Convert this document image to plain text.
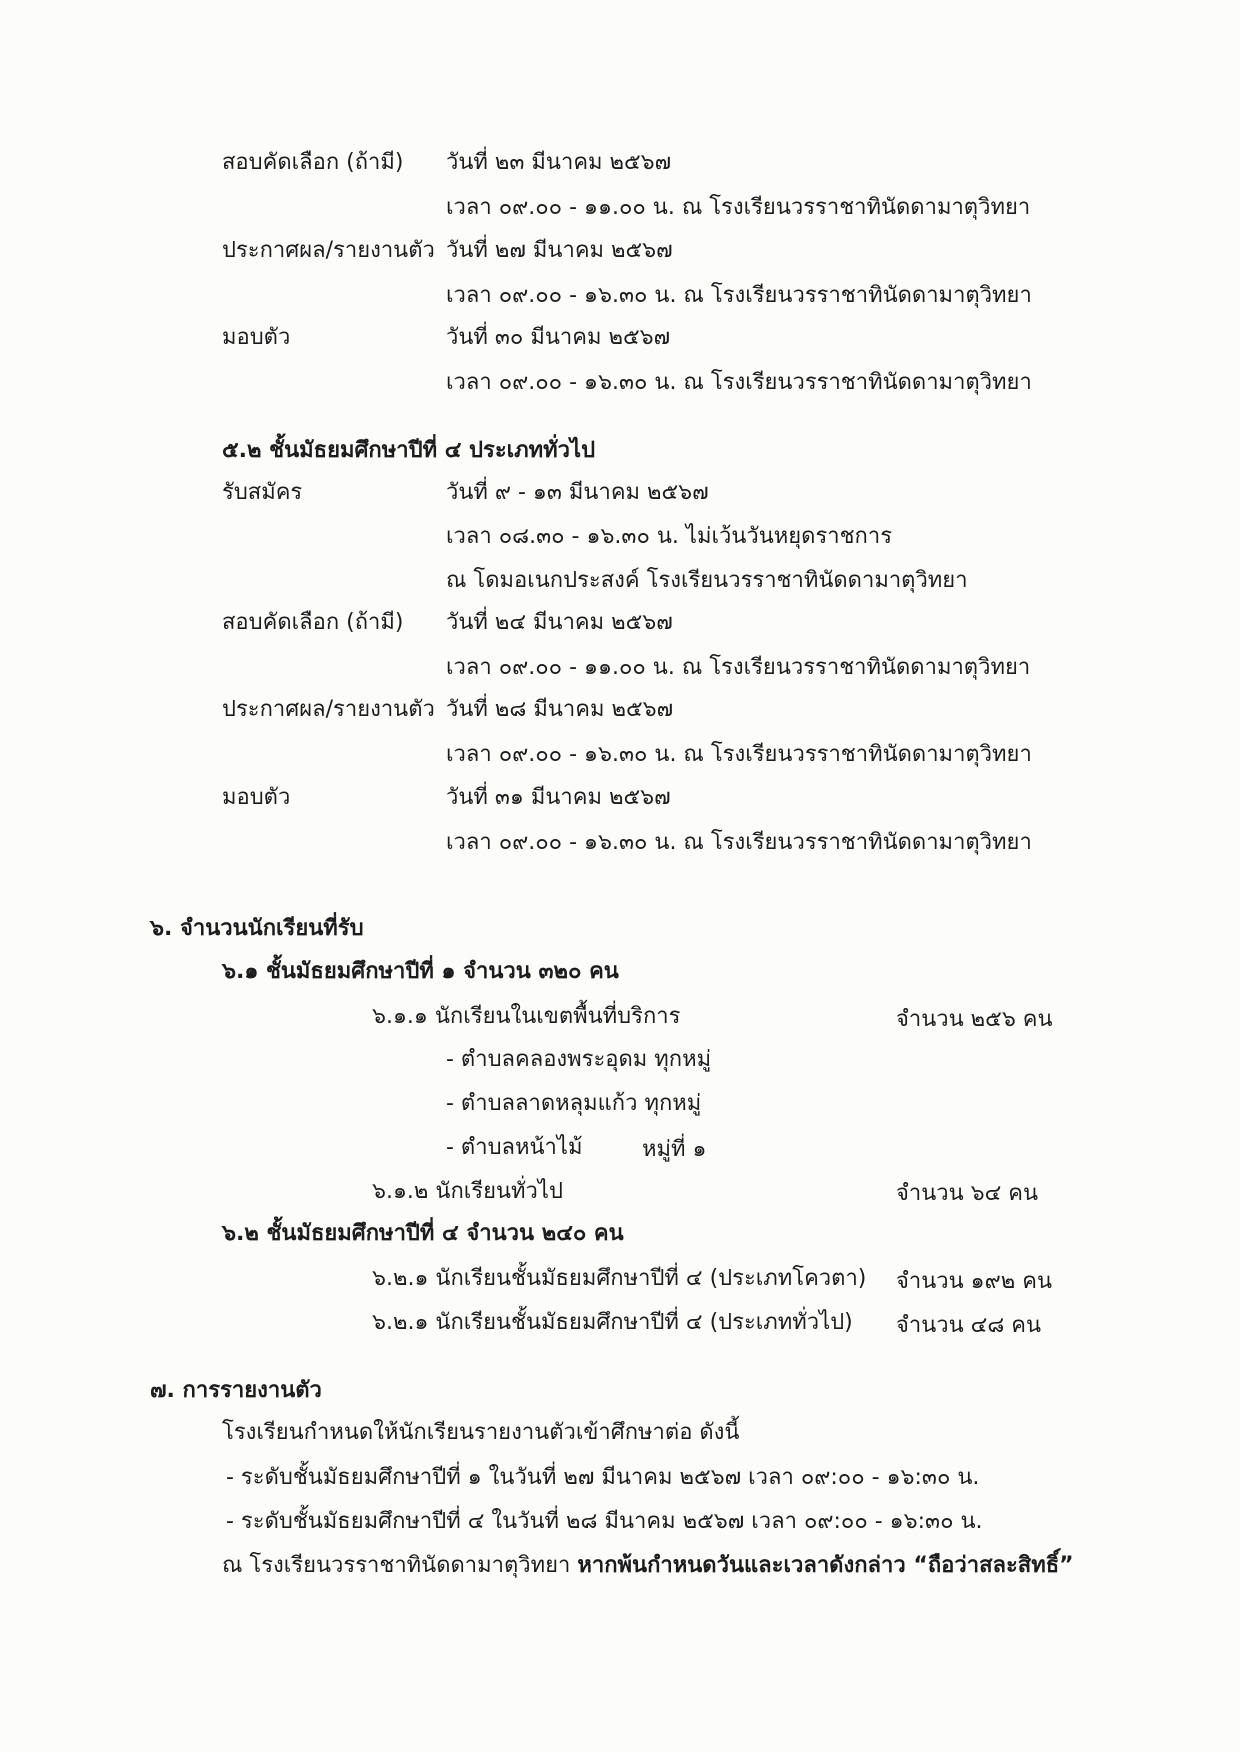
สอบคัดเลือก (ถ้ามี) วันที่ ๒๓ มีนาคม ๒๕๖๗
เวลา ๐๙.๐๐ - ๑๑.๐๐ น. ณ โรงเรียนวรราชาทินัดดามาตุวิทยา
ประกาศผล/รายงานตัว วันที่ ๒๗ มีนาคม ๒๕๖๗
เวลา ๐๙.๐๐ - ๑๖.๓๐ น. ณ โรงเรียนวรราชาทินัดดามาตุวิทยา
มอบตัว	วันที่ ๓๐ มีนาคม ๒๕๖๗
เวลา ๐๙.๐๐ - ๑๖.๓๐ น. ณ โรงเรียนวรราชาทินัดดามาตุวิทยา
๕.๒ ชั้นมัธยมศึกษาปีที่ ๔ ประเภททั่วไป
รับสมัคร	วันที่ ๙ - ๑๓ มีนาคม ๒๕๖๗
เวลา ๐๘.๓๐ - ๑๖.๓๐ น. ไม่เว้นวันหยุดราชการ
ณ โดมอเนกประสงค์ โรงเรียนวรราชาทินัดดามาตุวิทยา
สอบคัดเลือก (ถ้ามี) วันที่ ๒๔ มีนาคม ๒๕๖๗
เวลา ๐๙.๐๐ - ๑๑.๐๐ น. ณ โรงเรียนวรราชาทินัดดามาตุวิทยา
ประกาศผล/รายงานตัว วันที่ ๒๘ มีนาคม ๒๕๖๗
เวลา ๐๙.๐๐ - ๑๖.๓๐ น. ณ โรงเรียนวรราชาทินัดดามาตุวิทยา
มอบตัว	วันที่ ๓๑ มีนาคม ๒๕๖๗
เวลา ๐๙.๐๐ - ๑๖.๓๐ น. ณ โรงเรียนวรราชาทินัดดามาตุวิทยา
๖. จำนวนนักเรียนที่รับ
๖.๑ ชั้นมัธยมศึกษาปีที่ ๑ จำนวน ๓๒๐ คน
๖.๑.๑ นักเรียนในเขตพื้นที่บริการ	จำนวน ๒๕๖ คน
- ตำบลคลองพระอุดม ทุกหมู่
- ตำบลลาดหลุมแก้ว ทุกหมู่
- ตำบลหน้าไม้	หมู่ที่ ๑
๖.๑.๒ นักเรียนทั่วไป	จำนวน ๖๔ คน
๖.๒ ชั้นมัธยมศึกษาปีที่ ๔ จำนวน ๒๔๐ คน
๖.๒.๑ นักเรียนชั้นมัธยมศึกษาปีที่ ๔ (ประเภทโควตา) จำนวน ๑๙๒ คน
๖.๒.๑ นักเรียนชั้นมัธยมศึกษาปีที่ ๔ (ประเภททั่วไป) จำนวน ๔๘ คน
๗. การรายงานตัว
โรงเรียนกำหนดให้นักเรียนรายงานตัวเข้าศึกษาต่อ ดังนี้
- ระดับชั้นมัธยมศึกษาปีที่ ๑ ในวันที่ ๒๗ มีนาคม ๒๕๖๗ เวลา ๐๙:๐๐ - ๑๖:๓๐ น.
- ระดับชั้นมัธยมศึกษาปีที่ ๔ ในวันที่ ๒๘ มีนาคม ๒๕๖๗ เวลา ๐๙:๐๐ - ๑๖:๓๐ น.
ณ โรงเรียนวรราชาทินัดดามาตุวิทยา หากพ้นกำหนดวันและเวลาดังกล่าว “ถือว่าสละสิทธิ์”
